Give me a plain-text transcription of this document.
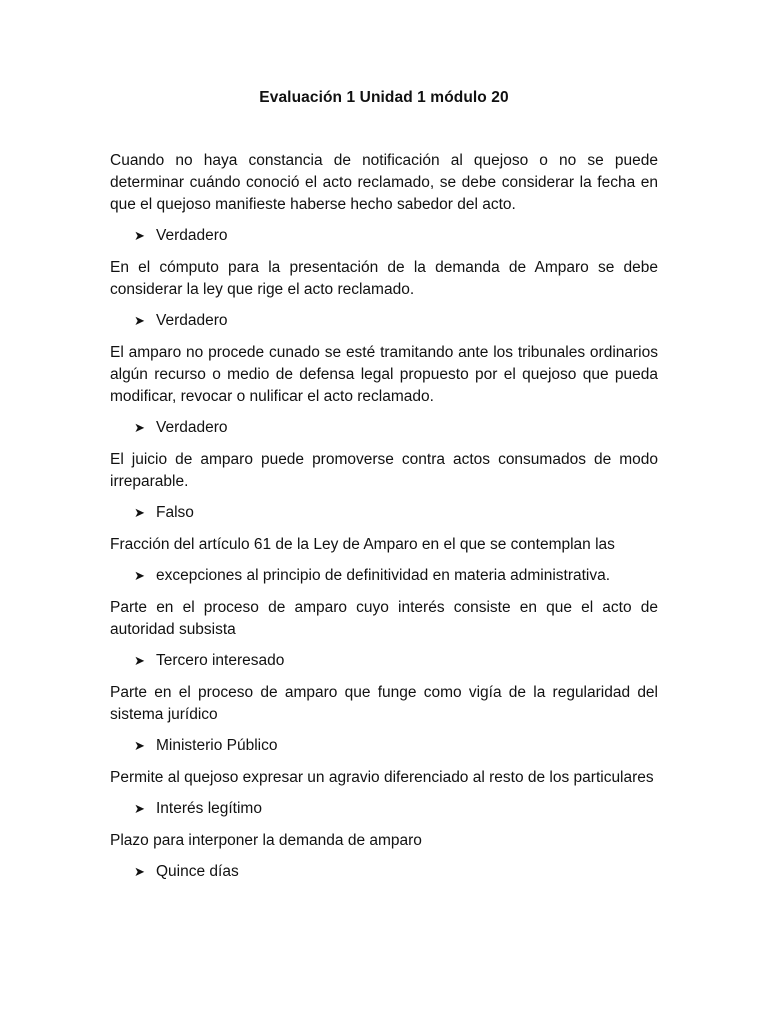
Evaluación 1 Unidad 1 módulo 20

Cuando no haya constancia de notificación al quejoso o no se puede determinar cuándo conoció el acto reclamado, se debe considerar la fecha en que el quejoso manifieste haberse hecho sabedor del acto.

➤ Verdadero

En el cómputo para la presentación de la demanda de Amparo se debe considerar la ley que rige el acto reclamado.

➤ Verdadero

El amparo no procede cunado se esté tramitando ante los tribunales ordinarios algún recurso o medio de defensa legal propuesto por el quejoso que pueda modificar, revocar o nulificar el acto reclamado.

➤ Verdadero

El juicio de amparo puede promoverse contra actos consumados de modo irreparable.

➤ Falso

Fracción del artículo 61 de la Ley de Amparo en el que se contemplan las

➤ excepciones al principio de definitividad en materia administrativa.

Parte en el proceso de amparo cuyo interés consiste en que el acto de autoridad subsista

➤ Tercero interesado

Parte en el proceso de amparo que funge como vigía de la regularidad del sistema jurídico

➤ Ministerio Público

Permite al quejoso expresar un agravio diferenciado al resto de los particulares

➤ Interés legítimo

Plazo para interponer la demanda de amparo

➤ Quince días
